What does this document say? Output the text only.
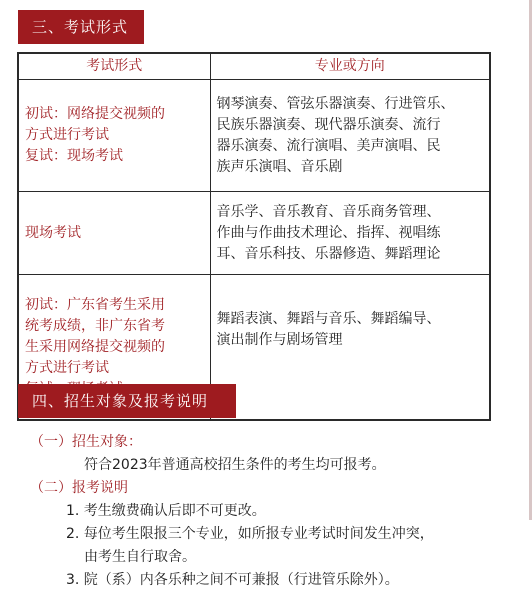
三、考试形式
考试形式	专业或方向

初试：网络提交视频的
方式进行考试
复试：现场考试	钢琴演奏、管弦乐器演奏、行进管乐、
民族乐器演奏、现代器乐演奏、流行
器乐演奏、流行演唱、美声演唱、民
族声乐演唱、音乐剧

现场考试	音乐学、音乐教育、音乐商务管理、
作曲与作曲技术理论、指挥、视唱练
耳、音乐科技、乐器修造、舞蹈理论

初试：广东省考生采用
统考成绩，非广东省考
生采用网络提交视频的
方式进行考试	舞蹈表演、舞蹈与音乐、舞蹈编导、
演出制作与剧场管理
四、招生对象及报考说明
（一）招生对象：
符合2023年普通高校招生条件的考生均可报考。
（二）报考说明
1. 考生缴费确认后即不可更改。
2. 每位考生限报三个专业，如所报专业考试时间发生冲突，
由考生自行取舍。
3. 院（系）内各乐种之间不可兼报（行进管乐除外）。
